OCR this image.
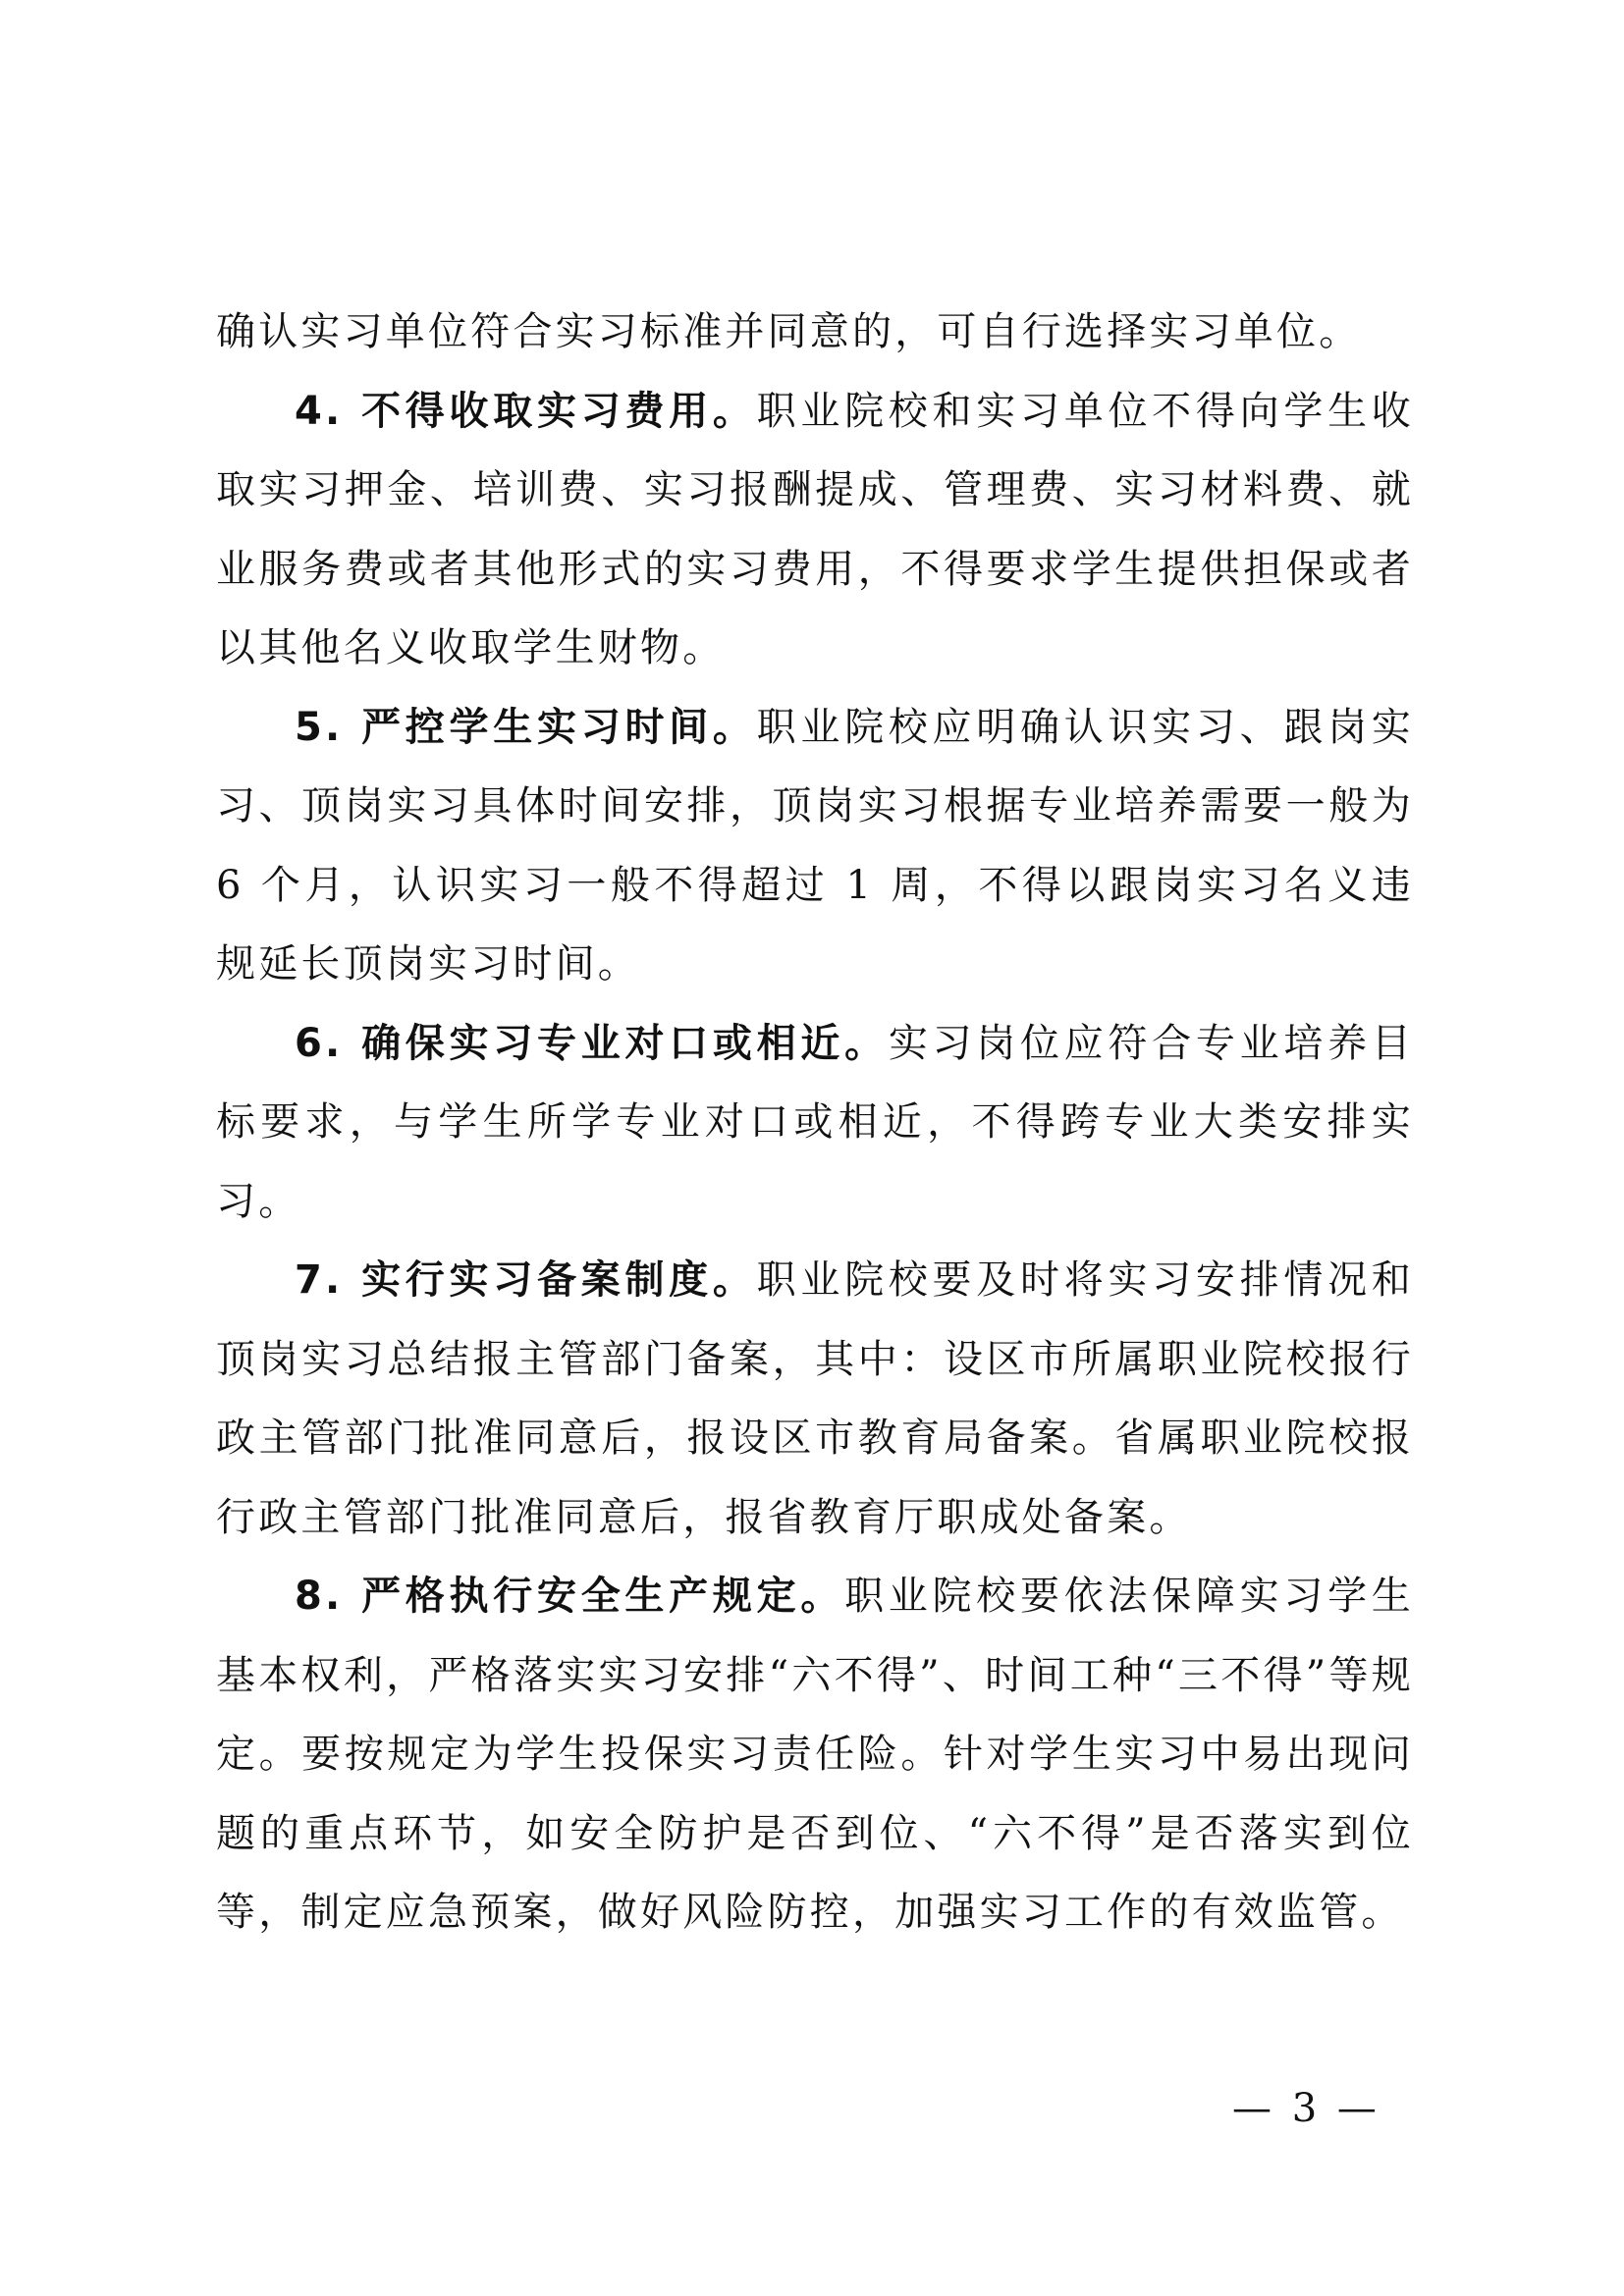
确认实习单位符合实习标准并同意的，可自行选择实习单位。

4. 不得收取实习费用。职业院校和实习单位不得向学生收取实习押金、培训费、实习报酬提成、管理费、实习材料费、就业服务费或者其他形式的实习费用，不得要求学生提供担保或者以其他名义收取学生财物。

5. 严控学生实习时间。职业院校应明确认识实习、跟岗实习、顶岗实习具体时间安排，顶岗实习根据专业培养需要一般为 6 个月，认识实习一般不得超过 1 周，不得以跟岗实习名义违规延长顶岗实习时间。

6. 确保实习专业对口或相近。实习岗位应符合专业培养目标要求，与学生所学专业对口或相近，不得跨专业大类安排实习。

7. 实行实习备案制度。职业院校要及时将实习安排情况和顶岗实习总结报主管部门备案，其中：设区市所属职业院校报行政主管部门批准同意后，报设区市教育局备案。省属职业院校报行政主管部门批准同意后，报省教育厅职成处备案。

8. 严格执行安全生产规定。职业院校要依法保障实习学生基本权利，严格落实实习安排“六不得”、时间工种“三不得”等规定。要按规定为学生投保实习责任险。针对学生实习中易出现问题的重点环节，如安全防护是否到位、“六不得”是否落实到位等，制定应急预案，做好风险防控，加强实习工作的有效监管。

— 3 —
